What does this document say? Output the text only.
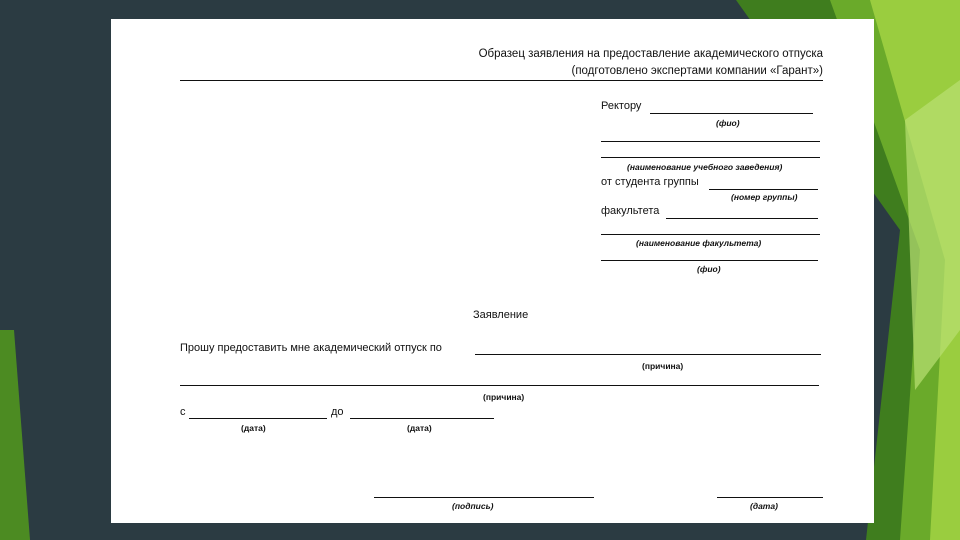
Образец заявления на предоставление академического отпуска
(подготовлено экспертами компании «Гарант»)
Ректору
(фио)
(наименование учебного заведения)
от студента группы
(номер группы)
факультета
(наименование факультета)
(фио)
Заявление
Прошу предоставить мне академический отпуск по
(причина)
(причина)
с	до
(дата)	(дата)
(подпись)	(дата)
